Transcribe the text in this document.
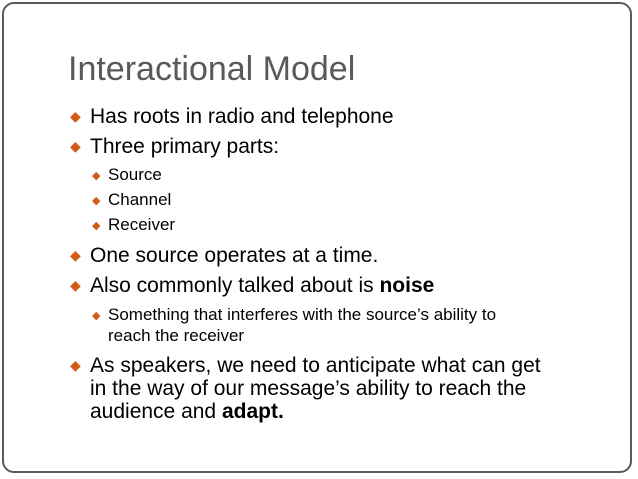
Interactional Model
◆ Has roots in radio and telephone
◆ Three primary parts:
◆ Source
◆ Channel
◆ Receiver
◆ One source operates at a time.
◆ Also commonly talked about is noise
◆ Something that interferes with the source’s ability to
reach the receiver
◆ As speakers, we need to anticipate what can get
in the way of our message’s ability to reach the
audience and adapt.
